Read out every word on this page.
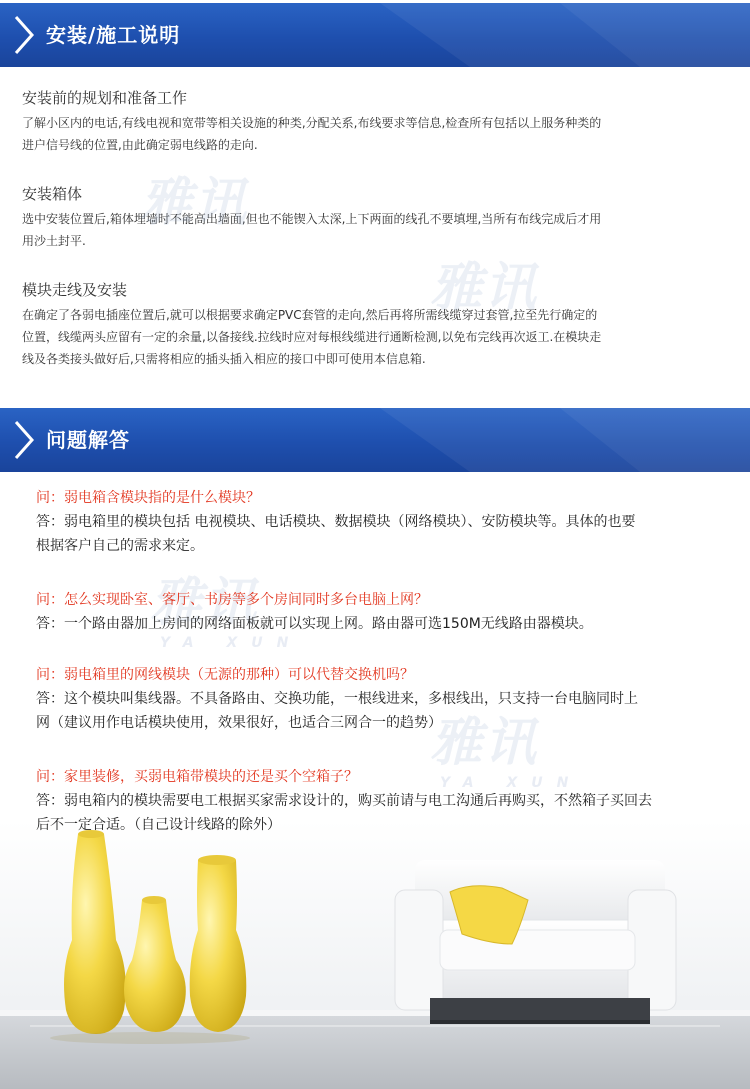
安装/施工说明
安装前的规划和准备工作

了解小区内的电话,有线电视和宽带等相关设施的种类,分配关系,布线要求等信息,检查所有包括以上服务种类的
进户信号线的位置,由此确定弱电线路的走向.

安装箱体

选中安装位置后,箱体埋墙时不能高出墙面,但也不能锲入太深,上下两面的线孔不要填埋,当所有布线完成后才用
用沙土封平.

模块走线及安装

在确定了各弱电插座位置后,就可以根据要求确定PVC套管的走向,然后再将所需线缆穿过套管,拉至先行确定的
位置，线缆两头应留有一定的余量,以备接线.拉线时应对每根线缆进行通断检测,以免布完线再次返工.在模块走
线及各类接头做好后,只需将相应的插头插入相应的接口中即可使用本信息箱.

问题解答
雅讯
雅讯
雅讯
YA XUN
雅讯
YA XUN

问：弱电箱含模块指的是什么模块？

答：弱电箱里的模块包括 电视模块、电话模块、数据模块（网络模块）、安防模块等。具体的也要

根据客户自己的需求来定。

问：怎么实现卧室、客厅、书房等多个房间同时多台电脑上网？

答：一个路由器加上房间的网络面板就可以实现上网。路由器可选150M无线路由器模块。

问：弱电箱里的网线模块（无源的那种）可以代替交换机吗？

答：这个模块叫集线器。不具备路由、交换功能，一根线进来，多根线出，只支持一台电脑同时上

网（建议用作电话模块使用，效果很好，也适合三网合一的趋势）

问：家里装修，买弱电箱带模块的还是买个空箱子？

答：弱电箱内的模块需要电工根据买家需求设计的，购买前请与电工沟通后再购买，不然箱子买回去

后不一定合适。（自己设计线路的除外）
